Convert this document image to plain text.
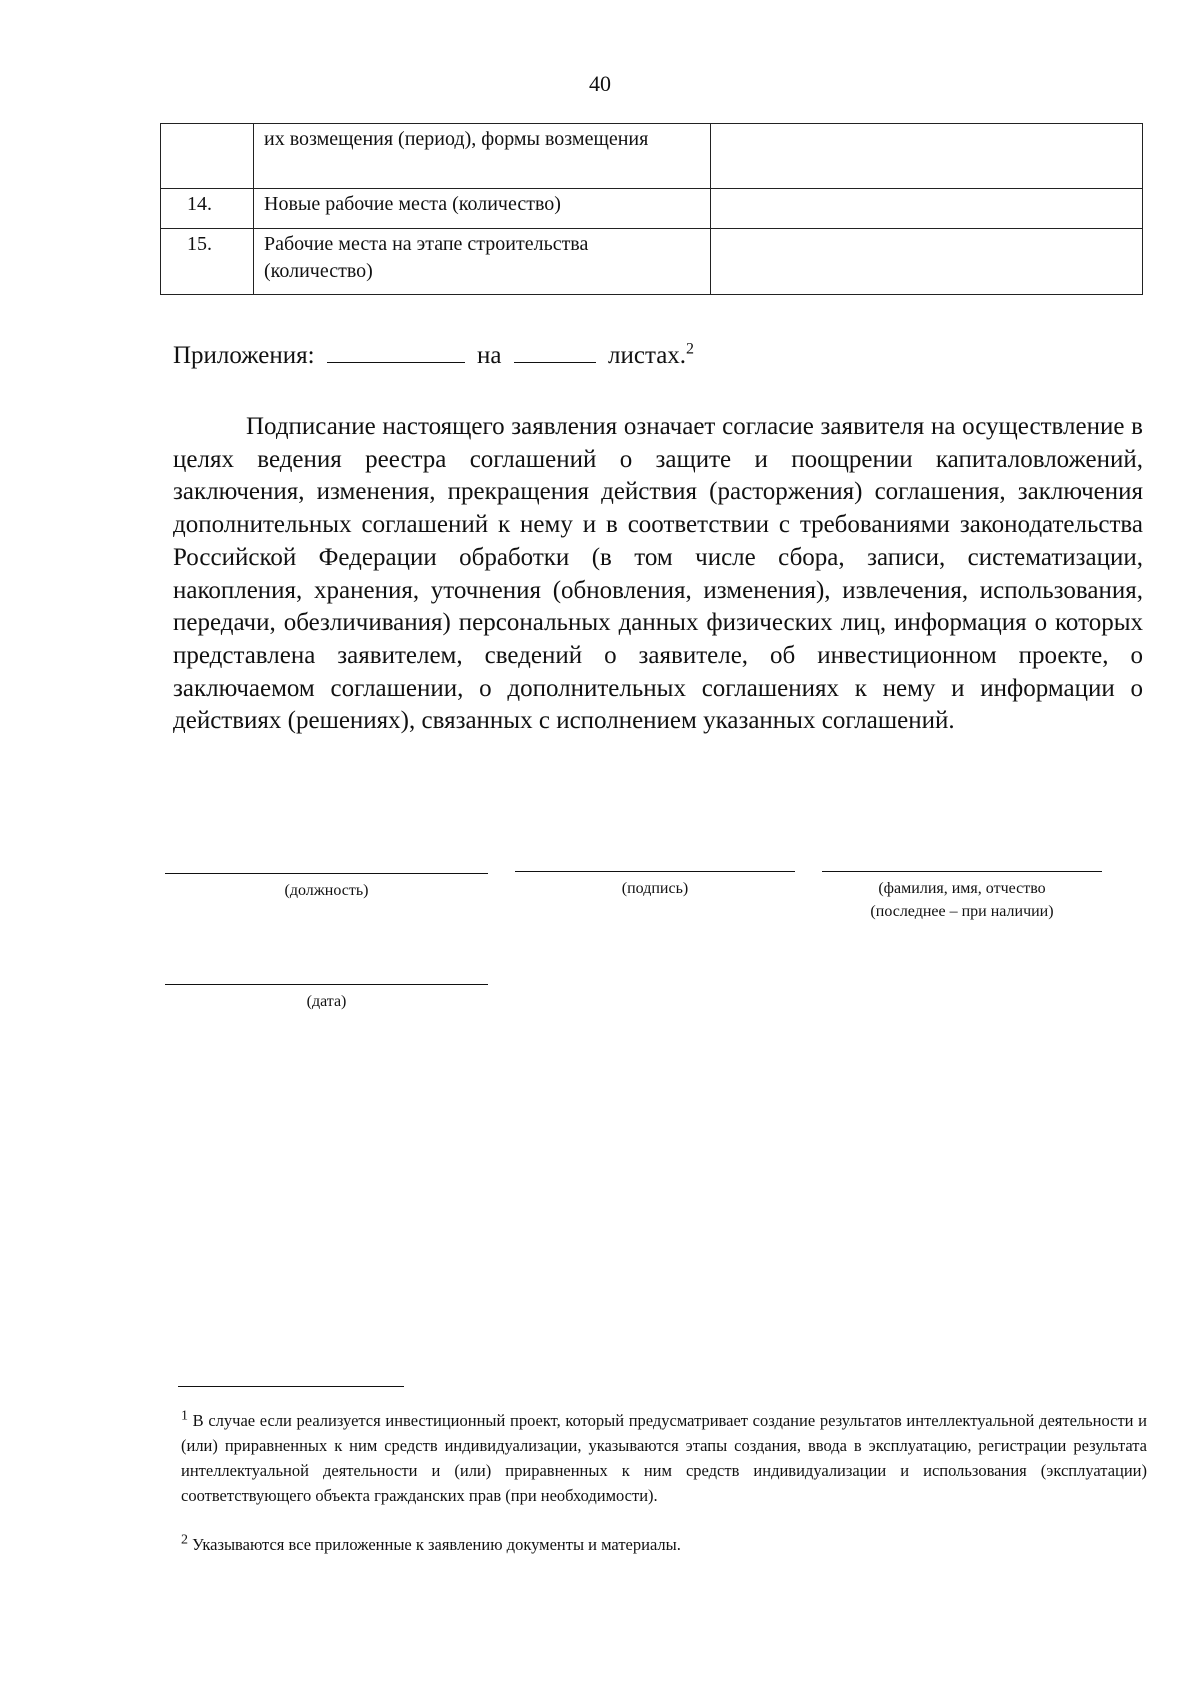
40
	их возмещения (период), формы возмещения	
14.	Новые рабочие места (количество)	
15.	Рабочие места на этапе строительства (количество)	
Приложения:	на	листах.$^2$

Подписание настоящего заявления означает согласие заявителя на осуществление в целях ведения реестра соглашений о защите и поощрении капиталовложений, заключения, изменения, прекращения действия (расторжения) соглашения, заключения дополнительных соглашений к нему и в соответствии с требованиями законодательства Российской Федерации обработки (в том числе сбора, записи, систематизации, накопления, хранения, уточнения (обновления, изменения), извлечения, использования, передачи, обезличивания) персональных данных физических лиц, информация о которых представлена заявителем, сведений о заявителе, об инвестиционном проекте, о заключаемом соглашении, о дополнительных соглашениях к нему и информации о действиях (решениях), связанных с исполнением указанных соглашений.

(должность)	(подпись)	(фамилия, имя, отчество
(последнее – при наличии)
(дата)

$^1$ В случае если реализуется инвестиционный проект, который предусматривает создание результатов интеллектуальной деятельности и (или) приравненных к ним средств индивидуализации, указываются этапы создания, ввода в эксплуатацию, регистрации результата интеллектуальной деятельности и (или) приравненных к ним средств индивидуализации и использования (эксплуатации) соответствующего объекта гражданских прав (при необходимости).

$^2$ Указываются все приложенные к заявлению документы и материалы.
